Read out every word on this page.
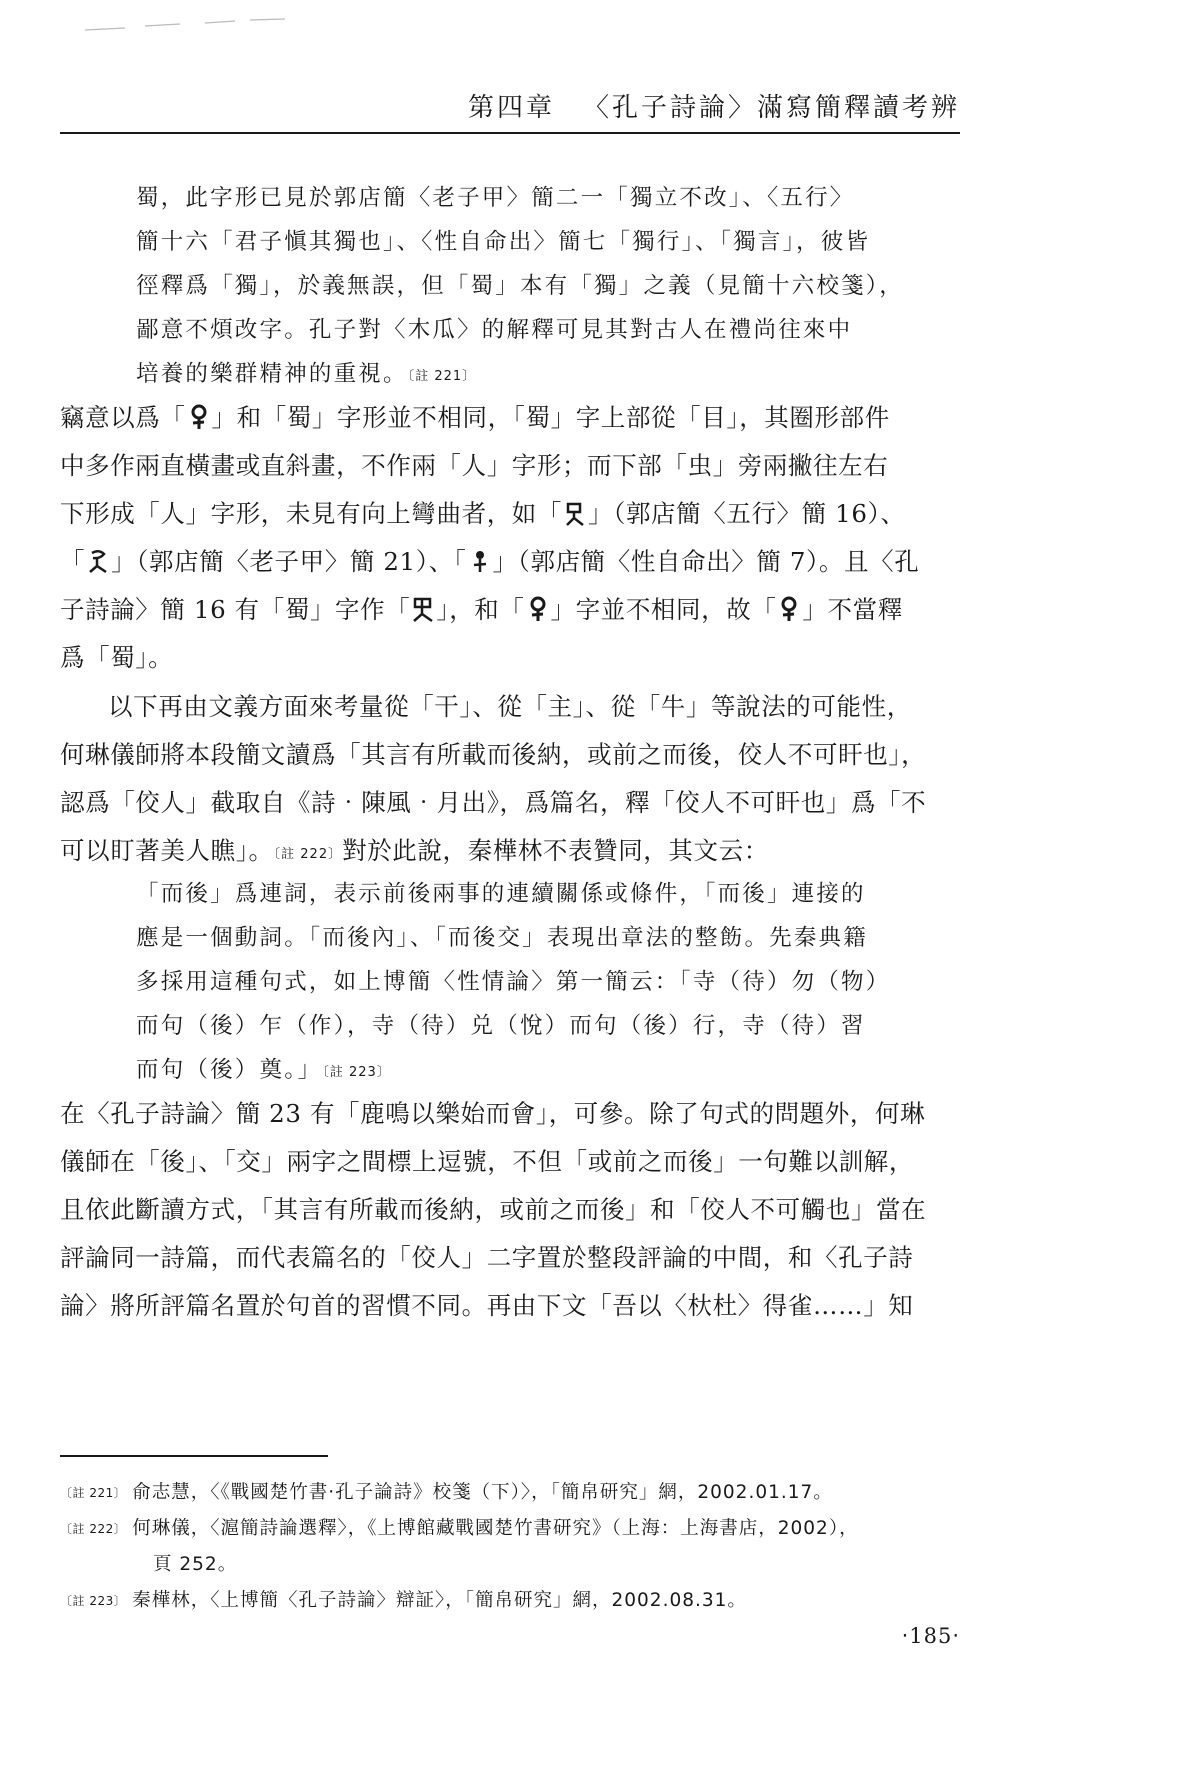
第四章 〈孔子詩論〉滿寫簡釋讀考辨
蜀，此字形已見於郭店簡〈老子甲〉簡二一「獨立不改」、〈五行〉
簡十六「君子愼其獨也」、〈性自命出〉簡七「獨行」、「獨言」，彼皆
徑釋爲「獨」，於義無誤，但「蜀」本有「獨」之義（見簡十六校箋），
鄙意不煩改字。孔子對〈木瓜〉的解釋可見其對古人在禮尚往來中
培養的樂群精神的重視。〔註 221〕
竊意以爲「 」和「蜀」字形並不相同，「蜀」字上部從「目」，其圈形部件
中多作兩直橫畫或直斜畫，不作兩「人」字形；而下部「虫」旁兩撇往左右
下形成「人」字形，未見有向上彎曲者，如「 」（郭店簡〈五行〉簡 16）、
「 」（郭店簡〈老子甲〉簡 21）、「 」（郭店簡〈性自命出〉簡 7）。且〈孔
子詩論〉簡 16 有「蜀」字作「 」，和「 」字並不相同，故「 」不當釋
爲「蜀」。
以下再由文義方面來考量從「干」、從「主」、從「牛」等說法的可能性，
何琳儀師將本段簡文讀爲「其言有所載而後納，或前之而後，佼人不可盰也」，
認爲「佼人」截取自《詩‧陳風‧月出》，爲篇名，釋「佼人不可盰也」爲「不
可以盯著美人瞧」。〔註 222〕對於此說，秦樺林不表贊同，其文云：
「而後」爲連詞，表示前後兩事的連續關係或條件，「而後」連接的
應是一個動詞。「而後內」、「而後交」表現出章法的整飭。先秦典籍
多採用這種句式，如上博簡〈性情論〉第一簡云：「寺（待）勿（物）
而句（後）乍（作），寺（待）兑（悅）而句（後）行，寺（待）習
而句（後）奠。」〔註 223〕
在〈孔子詩論〉簡 23 有「鹿鳴以樂始而會」，可參。除了句式的問題外，何琳
儀師在「後」、「交」兩字之間標上逗號，不但「或前之而後」一句難以訓解，
且依此斷讀方式，「其言有所載而後納，或前之而後」和「佼人不可觸也」當在
評論同一詩篇，而代表篇名的「佼人」二字置於整段評論的中間，和〈孔子詩
論〉將所評篇名置於句首的習慣不同。再由下文「吾以〈杕杜〉得雀……」知
〔註 221〕 俞志慧，〈《戰國楚竹書‧孔子論詩》校箋（下）〉，「簡帛研究」網，2002.01.17。
〔註 222〕 何琳儀，〈滬簡詩論選釋〉，《上博館藏戰國楚竹書研究》（上海：上海書店，2002），
頁 252。
〔註 223〕 秦樺林，〈上博簡〈孔子詩論〉辯証〉，「簡帛研究」網，2002.08.31。
‧185‧
